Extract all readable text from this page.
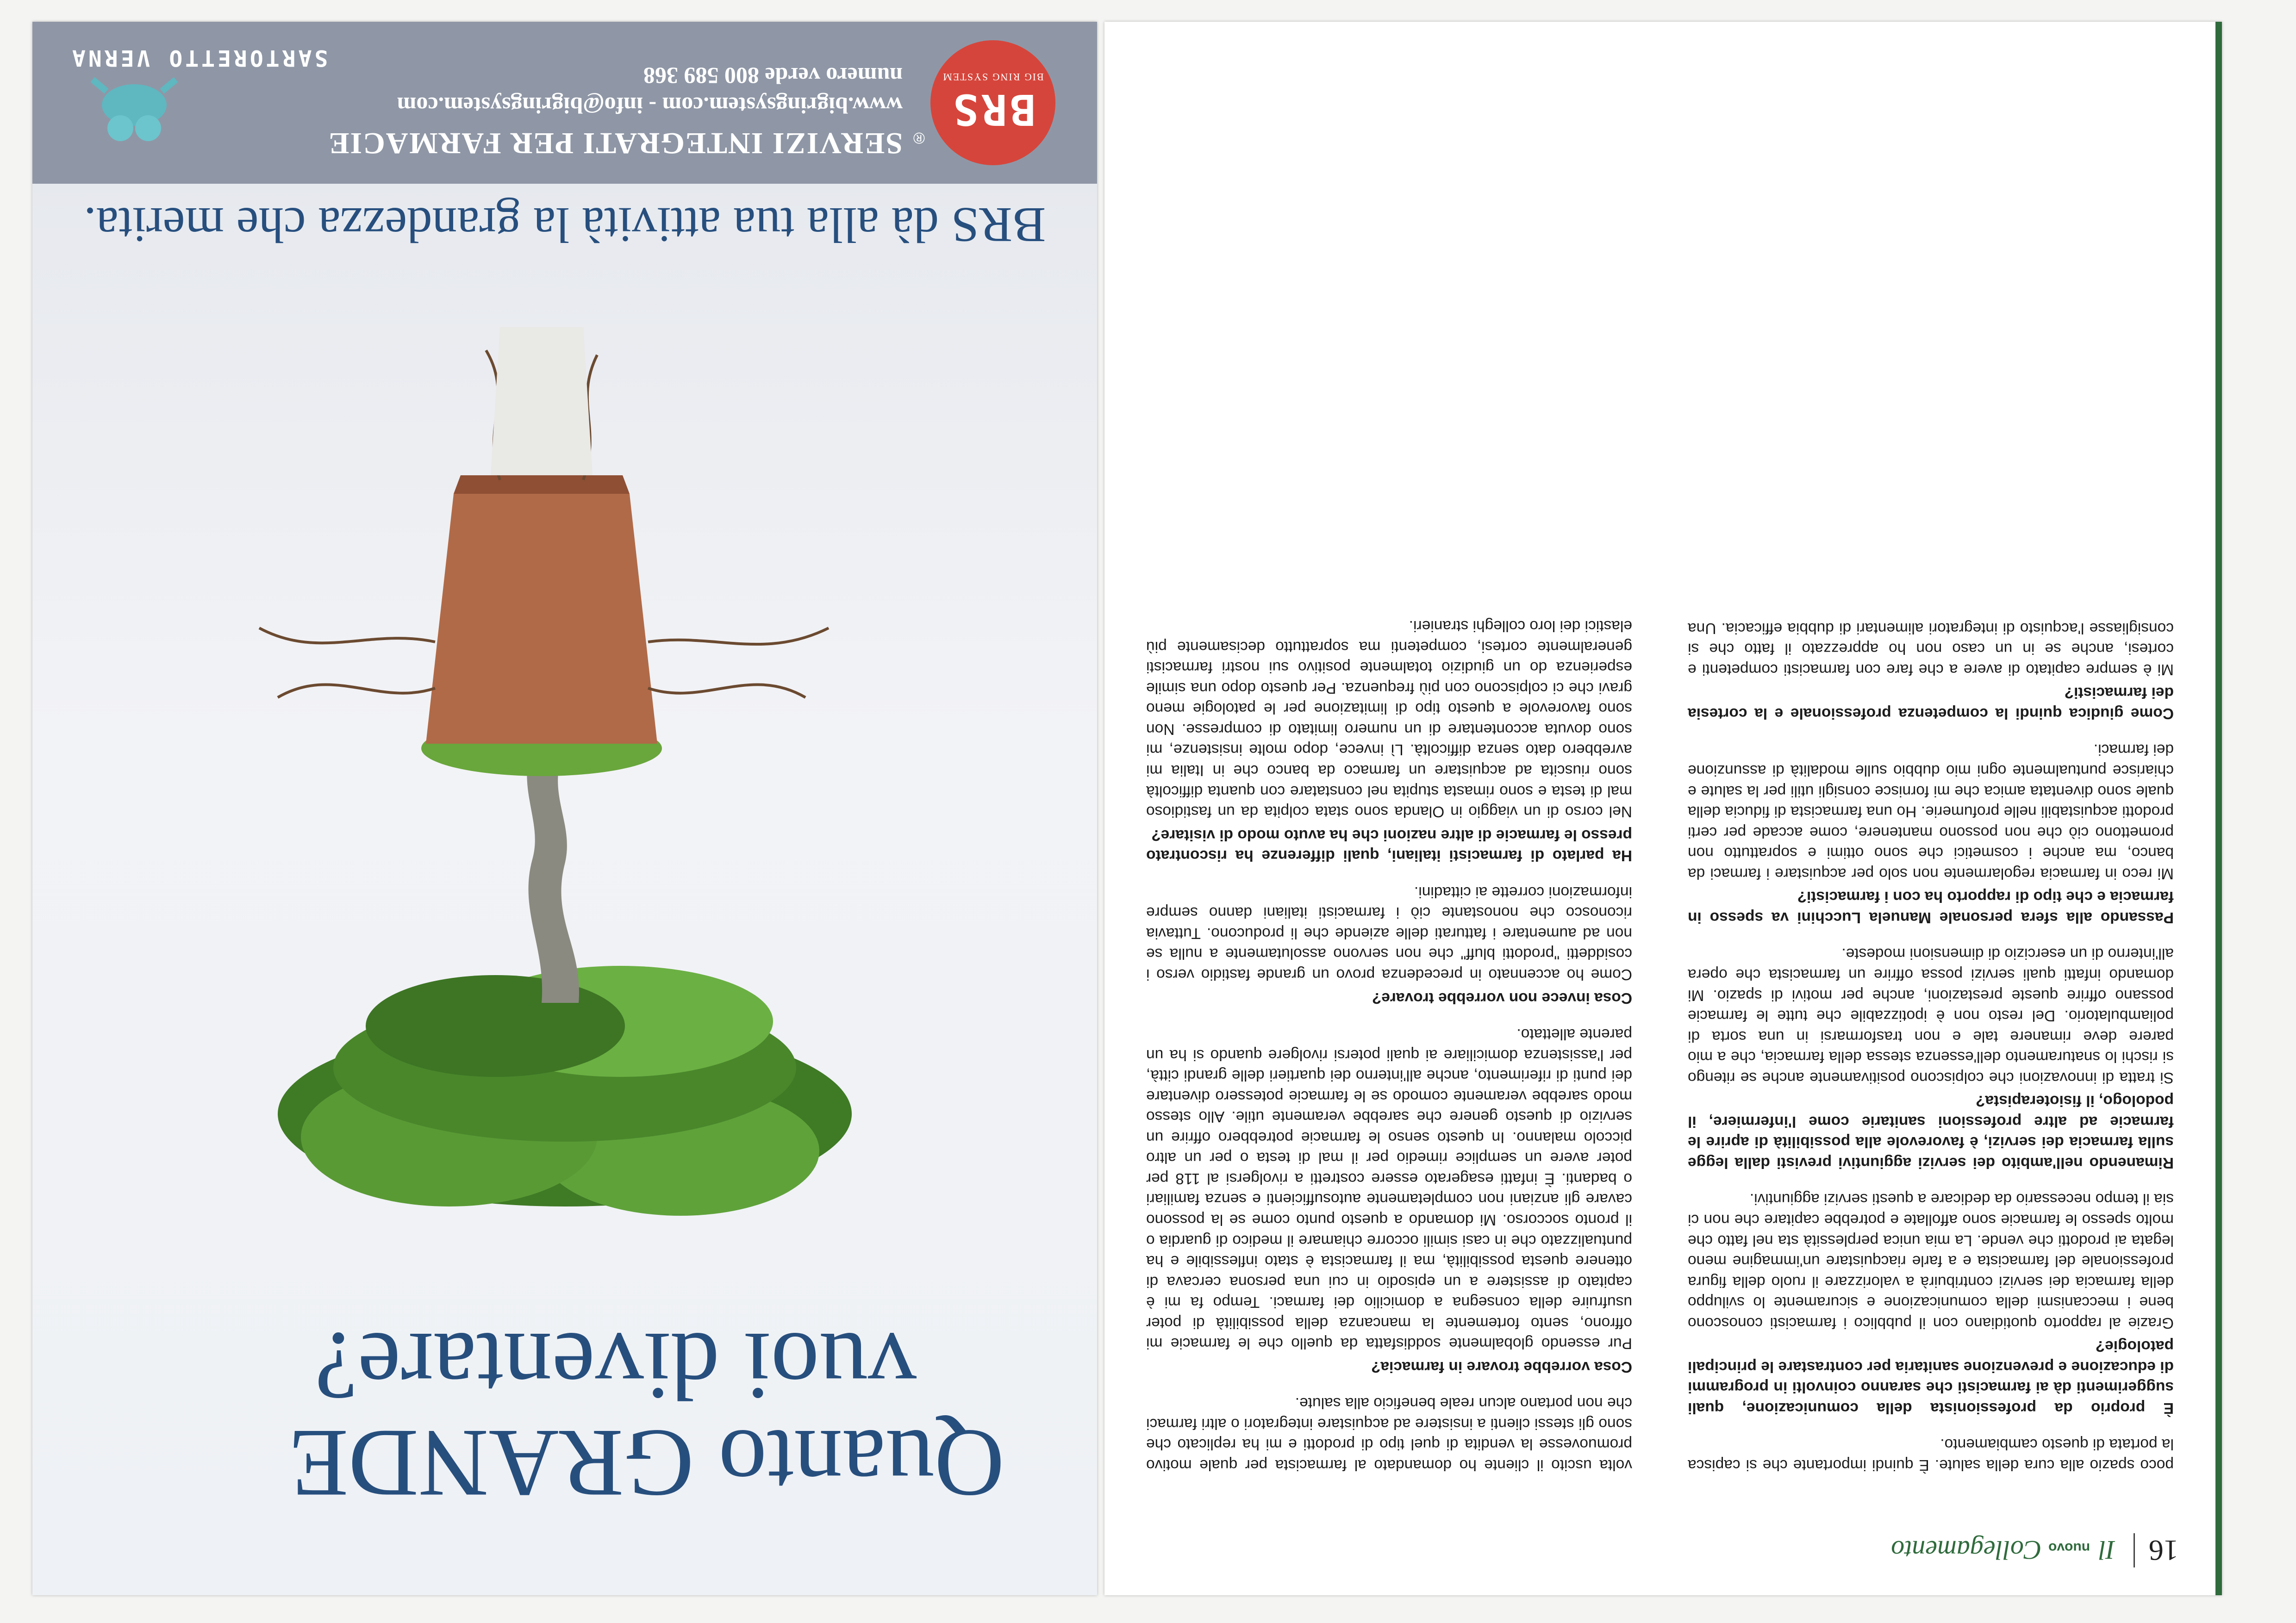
16
Il nuovo Collegamento

poco spazio alla cura della salute. È quindi importante che si capisca la portata di questo cambiamento.

È proprio da professionista della comunicazione, quali suggerimenti dà ai farmacisti che saranno coinvolti in programmi di educazione e prevenzione sanitaria per contrastare le principali patologie?

Grazie al rapporto quotidiano con il pubblico i farmacisti conoscono bene i meccanismi della comunicazione e sicuramente lo sviluppo della farmacia dei servizi contribuirà a valorizzare il ruolo della figura professionale del farmacista e a farle riacquistare un'immagine meno legata ai prodotti che vende. La mia unica perplessità sta nel fatto che molto spesso le farmacie sono affollate e potrebbe capitare che non ci sia il tempo necessario da dedicare a questi servizi aggiuntivi.

Rimanendo nell'ambito dei servizi aggiuntivi previsti dalla legge sulla farmacia dei servizi, è favorevole alla possibilità di aprire le farmacie ad altre professioni sanitarie come l'infermiere, il podologo, il fisioterapista?

Si tratta di innovazioni che colpiscono positivamente anche se ritengo si rischi lo snaturamento dell'essenza stessa della farmacia, che a mio parere deve rimanere tale e non trasformarsi in una sorta di poliambulatorio. Del resto non è ipotizzabile che tutte le farmacie possano offrire queste prestazioni, anche per motivi di spazio. Mi domando infatti quali servizi possa offrire un farmacista che opera all'interno di un esercizio di dimensioni modeste.

Passando alla sfera personale Manuela Lucchini va spesso in farmacia e che tipo di rapporto ha con i farmacisti?

Mi reco in farmacia regolarmente non solo per acquistare i farmaci da banco, ma anche i cosmetici che sono ottimi e soprattutto non promettono ciò che non possono mantenere, come accade per certi prodotti acquistabili nelle profumerie. Ho una farmacista di fiducia della quale sono diventata amica che mi fornisce consigli utili per la salute e chiarisce puntualmente ogni mio dubbio sulle modalità di assunzione dei farmaci.

Come giudica quindi la competenza professionale e la cortesia dei farmacisti?

Mi è sempre capitato di avere a che fare con farmacisti competenti e cortesi, anche se in un caso non ho apprezzato il fatto che si consigliasse l'acquisto di integratori alimentari di dubbia efficacia. Una volta uscito il cliente ho domandato al farmacista per quale motivo promuovesse la vendita di quel tipo di prodotti e mi ha replicato che sono gli stessi clienti a insistere ad acquistare integratori o altri farmaci che non portano alcun reale beneficio alla salute.

Cosa vorrebbe trovare in farmacia?

Pur essendo globalmente soddisfatta da quello che le farmacie mi offrono, sento fortemente la mancanza della possibilità di poter usufruire della consegna a domicilio dei farmaci. Tempo fa mi è capitato di assistere a un episodio in cui una persona cercava di ottenere questa possibilità, ma il farmacista è stato inflessibile e ha puntualizzato che in casi simili occorre chiamare il medico di guardia o il pronto soccorso. Mi domando a questo punto come se la possono cavare gli anziani non completamente autosufficienti e senza familiari o badanti. È infatti esagerato essere costretti a rivolgersi al 118 per poter avere un semplice rimedio per il mal di testa o per un altro piccolo malanno. In questo senso le farmacie potrebbero offrire un servizio di questo genere che sarebbe veramente utile. Allo stesso modo sarebbe veramente comodo se le farmacie potessero diventare dei punti di riferimento, anche all'interno dei quartieri delle grandi città, per l'assistenza domiciliare ai quali potersi rivolgere quando si ha un parente allettato.

Cosa invece non vorrebbe trovare?

Come ho accennato in precedenza provo un grande fastidio verso i cosiddetti "prodotti bluff" che non servono assolutamente a nulla se non ad aumentare i fatturati delle aziende che li producono. Tuttavia riconosco che nonostante ciò i farmacisti italiani danno sempre informazioni corrette ai cittadini.

Ha parlato di farmacisti italiani, quali differenze ha riscontrato presso le farmacie di altre nazioni che ha avuto modo di visitare?

Nel corso di un viaggio in Olanda sono stata colpita da un fastidioso mal di testa e sono rimasta stupita nel constatare con quanta difficoltà sono riuscita ad acquistare un farmaco da banco che in Italia mi avrebbero dato senza difficoltà. Lì invece, dopo molte insistenze, mi sono dovuta accontentare di un numero limitato di compresse. Non sono favorevole a questo tipo di limitazione per le patologie meno gravi che ci colpiscono con più frequenza. Per questo dopo una simile esperienza do un giudizio totalmente positivo sui nostri farmacisti generalmente cortesi, competenti ma soprattutto decisamente più elastici dei loro colleghi stranieri.

Quanto GRANDE
vuoi diventare?
BRS dà alla tua attività la grandezza che merita.
BRS
BIG RING SYSTEM
®
SERVIZI INTEGRATI PER FARMACIE
www.bigringsystem.com - info@bigringsystem.com
numero verde 800 589 368
SARTORETTO VERNA
